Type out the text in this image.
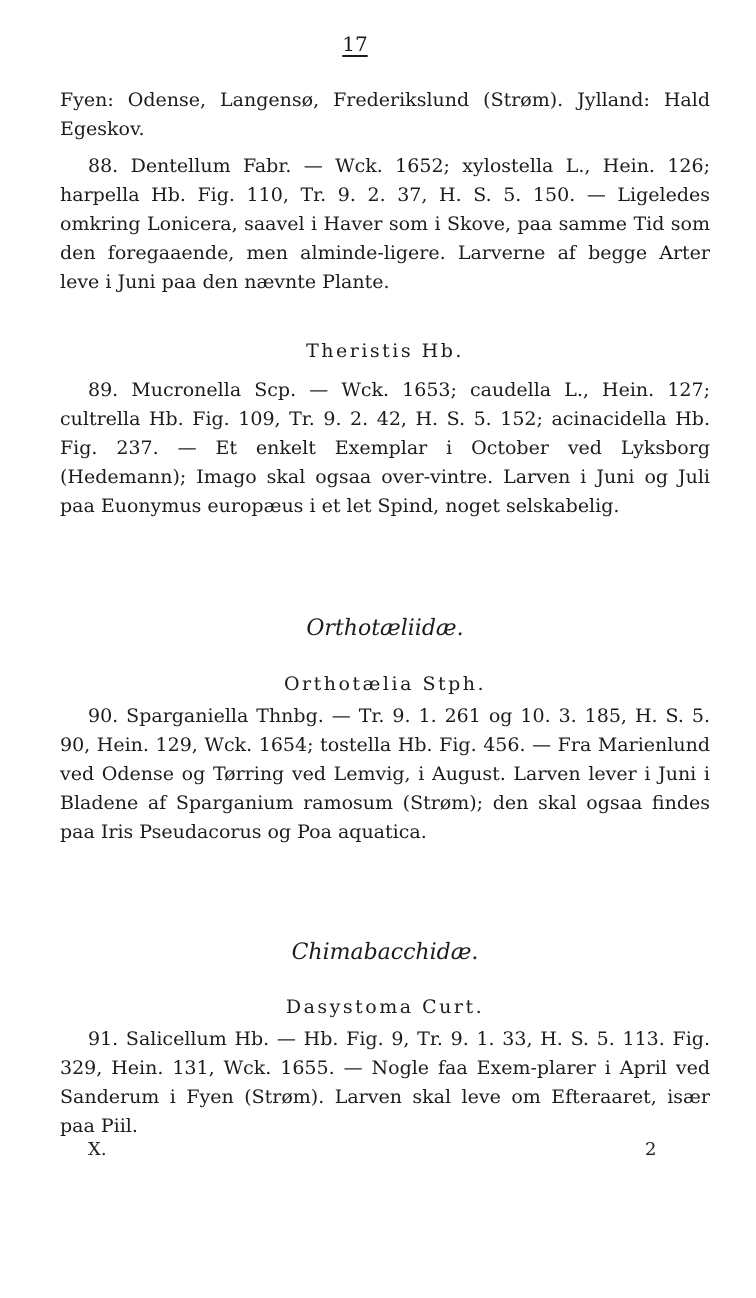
17

Fyen: Odense, Langensø, Frederikslund (Strøm). Jylland: Hald Egeskov.

88. Dentellum Fabr. — Wck. 1652; xylostella L., Hein. 126; harpella Hb. Fig. 110, Tr. 9. 2. 37, H. S. 5. 150. — Ligeledes omkring Lonicera, saavel i Haver som i Skove, paa samme Tid som den foregaaende, men alminde-ligere. Larverne af begge Arter leve i Juni paa den nævnte Plante.

Theristis Hb.

89. Mucronella Scp. — Wck. 1653; caudella L., Hein. 127; cultrella Hb. Fig. 109, Tr. 9. 2. 42, H. S. 5. 152; acinacidella Hb. Fig. 237. — Et enkelt Exemplar i October ved Lyksborg (Hedemann); Imago skal ogsaa over-vintre. Larven i Juni og Juli paa Euonymus europæus i et let Spind, noget selskabelig.

Orthotæliidæ.

Orthotælia Stph.

90. Sparganiella Thnbg. — Tr. 9. 1. 261 og 10. 3. 185, H. S. 5. 90, Hein. 129, Wck. 1654; tostella Hb. Fig. 456. — Fra Marienlund ved Odense og Tørring ved Lemvig, i August. Larven lever i Juni i Bladene af Sparganium ramosum (Strøm); den skal ogsaa findes paa Iris Pseudacorus og Poa aquatica.

Chimabacchidæ.

Dasystoma Curt.

91. Salicellum Hb. — Hb. Fig. 9, Tr. 9. 1. 33, H. S. 5. 113. Fig. 329, Hein. 131, Wck. 1655. — Nogle faa Exem-plarer i April ved Sanderum i Fyen (Strøm). Larven skal leve om Efteraaret, især paa Piil.

X.	2
